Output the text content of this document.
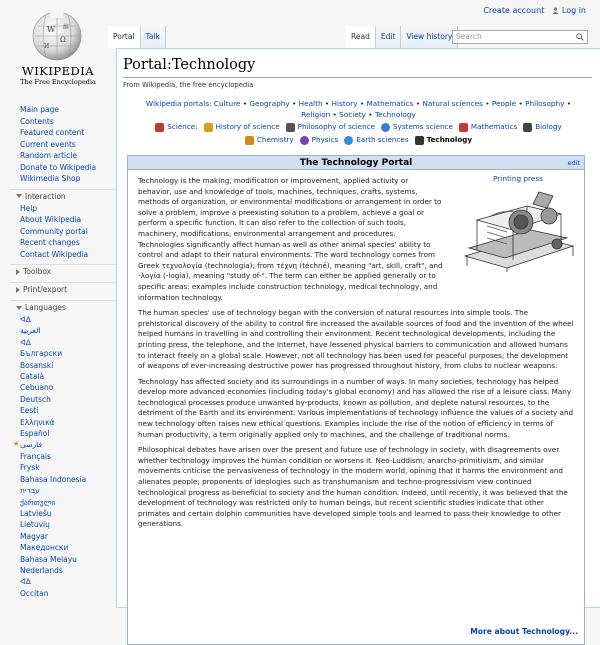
Create account	Log in
W
Ω
И
维
WIKIPEDIA
The Free Encyclopedia
Main page
Contents
Featured content
Current events
Random article
Donate to Wikipedia
Wikimedia Shop
Interaction
Help
About Wikipedia
Community portal
Recent changes
Contact Wikipedia
Toolbox
Print/export
Languages
ᐊᐃ
العربية
ᐊᐃ
Български
Bosanski
Català
Cebuano
Deutsch
Eesti
Ελληνικά
Español
★ فارسی
Français
Frysk
Bahasa Indonesia
עברית
ქართული
Latviešu
Lietuvių
Magyar
Македонски
Bahasa Melayu
Nederlands
ᐊᐃ
Occitan
Portal	Talk	Read	Edit	View history Search
Portal:Technology
From Wikipedia, the free encyclopedia
Wikipedia portals: Culture • Geography • Health • History • Mathematics • Natural sciences • People • Philosophy • Religion • Society • Technology
Science:	History of science	Philosophy of science	Systems science	Mathematics	Biology
Chemistry	Physics	Earth sciences	Technology
The Technology Portal	edit
Printing press

Technology is the making, modification or improvement, applied activity or behavior, use and knowledge of tools, machines, techniques, crafts, systems, methods of organization, or environmental modifications or arrangement in order to solve a problem, improve a preexisting solution to a problem, achieve a goal or perform a specific function. It can also refer to the collection of such tools, machinery, modifications, environmental arrangement and procedures. Technologies significantly affect human as well as other animal species' ability to control and adapt to their natural environments. The word technology comes from Greek τεχνολογία (technología); from τέχνη (téchnē), meaning "art, skill, craft", and -λογία (-logía), meaning "study of-". The term can either be applied generally or to specific areas: examples include construction technology, medical technology, and information technology.

The human species' use of technology began with the conversion of natural resources into simple tools. The prehistorical discovery of the ability to control fire increased the available sources of food and the invention of the wheel helped humans in travelling in and controlling their environment. Recent technological developments, including the printing press, the telephone, and the Internet, have lessened physical barriers to communication and allowed humans to interact freely on a global scale. However, not all technology has been used for peaceful purposes; the development of weapons of ever-increasing destructive power has progressed throughout history, from clubs to nuclear weapons.

Technology has affected society and its surroundings in a number of ways. In many societies, technology has helped develop more advanced economies (including today's global economy) and has allowed the rise of a leisure class. Many technological processes produce unwanted by-products, known as pollution, and deplete natural resources, to the detriment of the Earth and its environment. Various implementations of technology influence the values of a society and new technology often raises new ethical questions. Examples include the rise of the notion of efficiency in terms of human productivity, a term originally applied only to machines, and the challenge of traditional norms.

Philosophical debates have arisen over the present and future use of technology in society, with disagreements over whether technology improves the human condition or worsens it. Neo-Luddism, anarcho-primitivism, and similar movements criticise the pervasiveness of technology in the modern world, opining that it harms the environment and alienates people; proponents of ideologies such as transhumanism and techno-progressivism view continued technological progress as beneficial to society and the human condition. Indeed, until recently, it was believed that the development of technology was restricted only to human beings, but recent scientific studies indicate that other primates and certain dolphin communities have developed simple tools and learned to pass their knowledge to other generations.

More about Technology...
